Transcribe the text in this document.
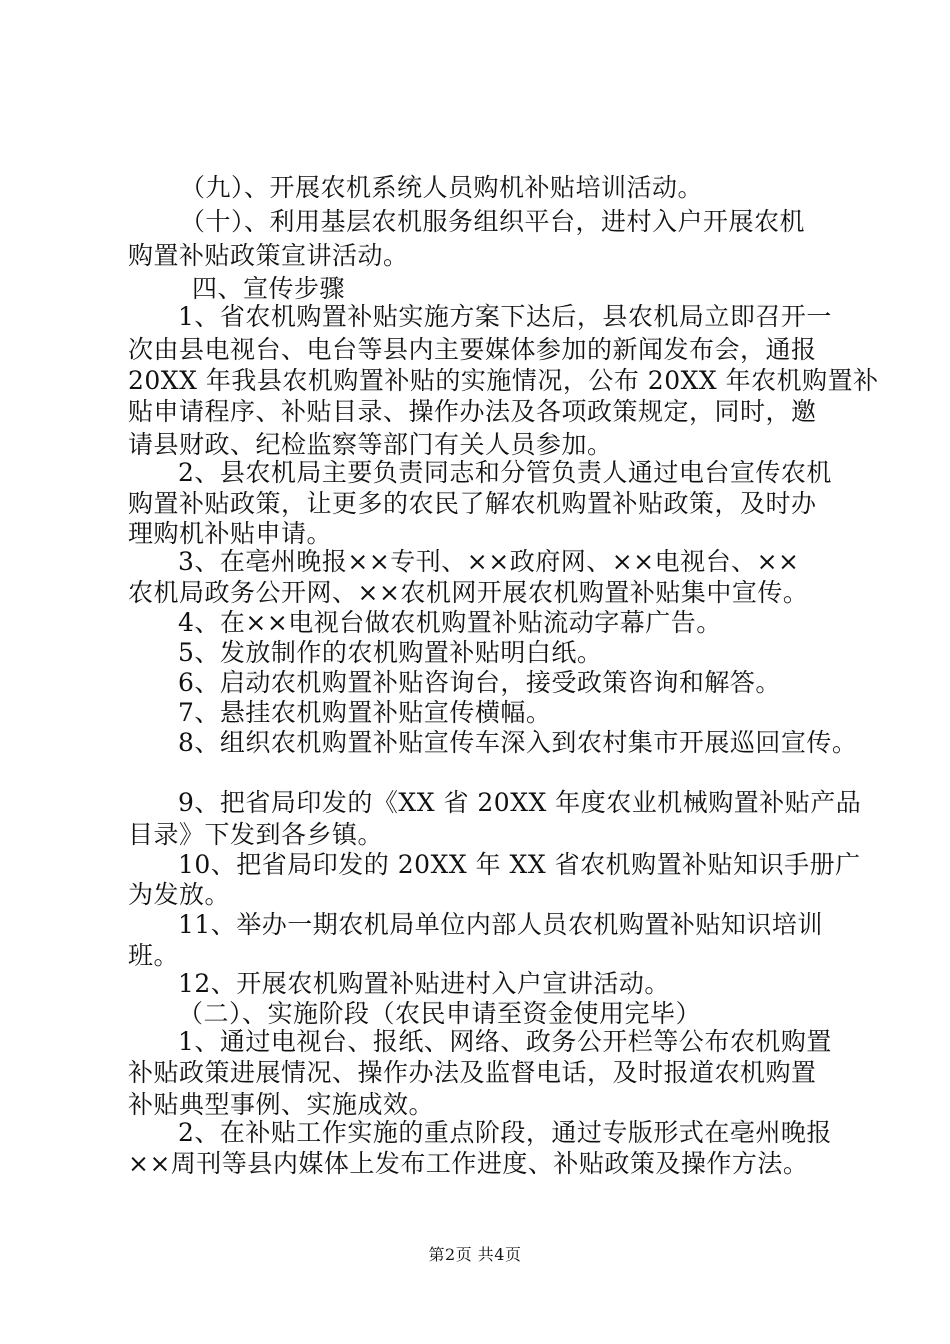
（九）、开展农机系统人员购机补贴培训活动。
（十）、利用基层农机服务组织平台，进村入户开展农机
购置补贴政策宣讲活动。
四、宣传步骤
1、省农机购置补贴实施方案下达后，县农机局立即召开一
次由县电视台、电台等县内主要媒体参加的新闻发布会，通报
20XX 年我县农机购置补贴的实施情况，公布 20XX 年农机购置补
贴申请程序、补贴目录、操作办法及各项政策规定，同时，邀
请县财政、纪检监察等部门有关人员参加。
2、县农机局主要负责同志和分管负责人通过电台宣传农机
购置补贴政策，让更多的农民了解农机购置补贴政策，及时办
理购机补贴申请。
3、在亳州晚报××专刊、××政府网、××电视台、××
农机局政务公开网、××农机网开展农机购置补贴集中宣传。
4、在××电视台做农机购置补贴流动字幕广告。
5、发放制作的农机购置补贴明白纸。
6、启动农机购置补贴咨询台，接受政策咨询和解答。
7、悬挂农机购置补贴宣传横幅。
8、组织农机购置补贴宣传车深入到农村集市开展巡回宣传。
9、把省局印发的《XX 省 20XX 年度农业机械购置补贴产品
目录》下发到各乡镇。
10、把省局印发的 20XX 年 XX 省农机购置补贴知识手册广
为发放。
11、举办一期农机局单位内部人员农机购置补贴知识培训
班。
12、开展农机购置补贴进村入户宣讲活动。
（二）、实施阶段（农民申请至资金使用完毕）
1、通过电视台、报纸、网络、政务公开栏等公布农机购置
补贴政策进展情况、操作办法及监督电话，及时报道农机购置
补贴典型事例、实施成效。
2、在补贴工作实施的重点阶段，通过专版形式在亳州晚报
××周刊等县内媒体上发布工作进度、补贴政策及操作方法。
第2页 共4页
